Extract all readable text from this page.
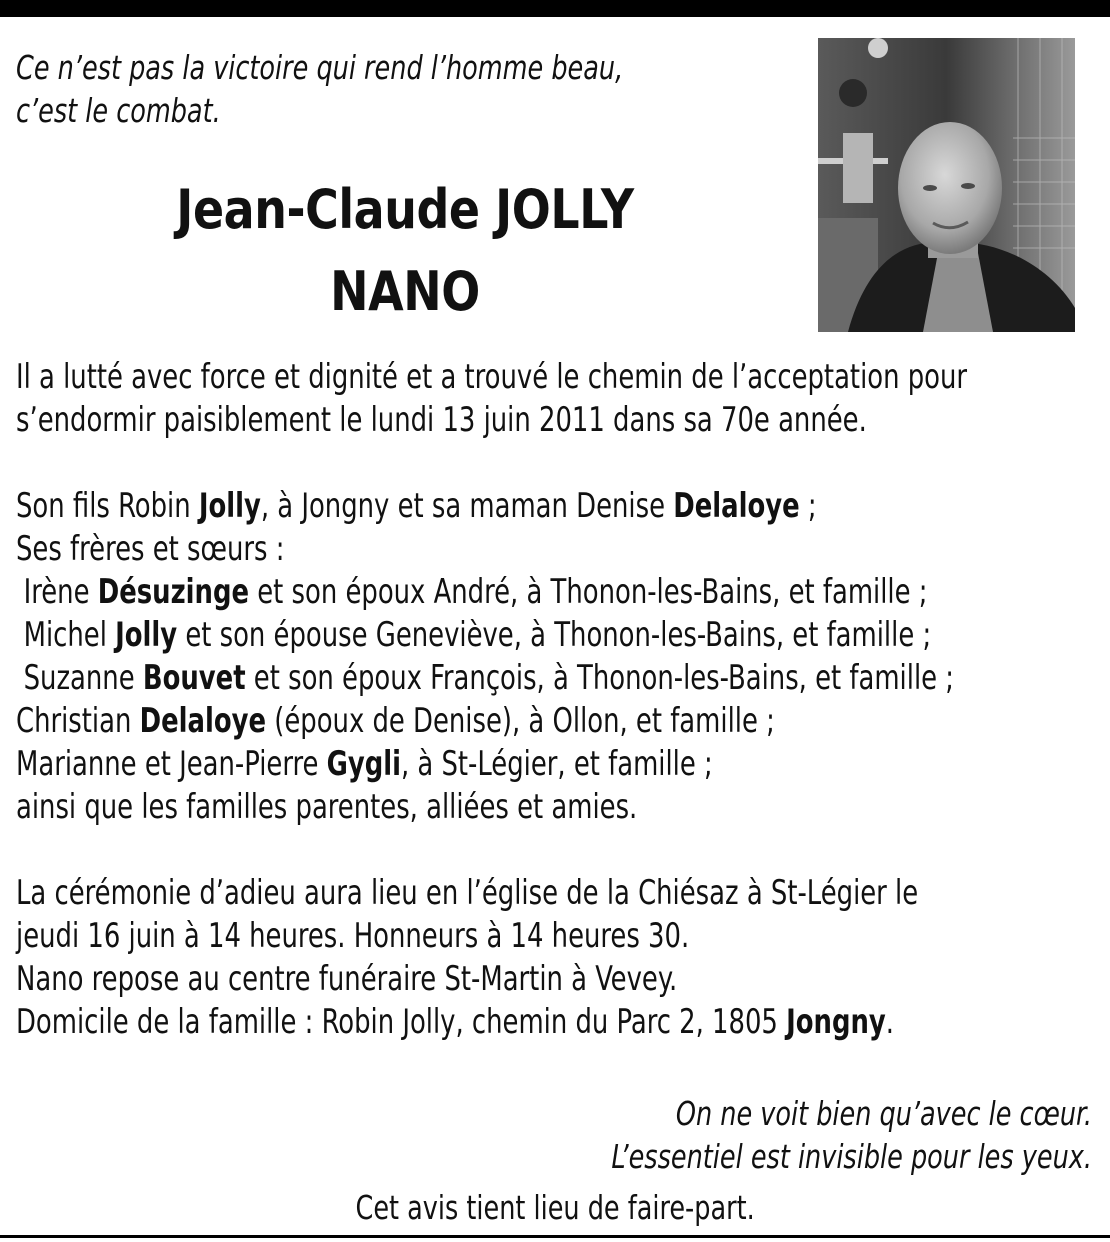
Ce n’est pas la victoire qui rend l’homme beau,
c’est le combat.
Jean-Claude JOLLY
NANO
Il a lutté avec force et dignité et a trouvé le chemin de l’acceptation pour
s’endormir paisiblement le lundi 13 juin 2011 dans sa 70e année.
Son fils Robin Jolly, à Jongny et sa maman Denise Delaloye ;
Ses frères et sœurs :
Irène Désuzinge et son époux André, à Thonon-les-Bains, et famille ;
Michel Jolly et son épouse Geneviève, à Thonon-les-Bains, et famille ;
Suzanne Bouvet et son époux François, à Thonon-les-Bains, et famille ;
Christian Delaloye (époux de Denise), à Ollon, et famille ;
Marianne et Jean-Pierre Gygli, à St-Légier, et famille ;
ainsi que les familles parentes, alliées et amies.
La cérémonie d’adieu aura lieu en l’église de la Chiésaz à St-Légier le
jeudi 16 juin à 14 heures. Honneurs à 14 heures 30.
Nano repose au centre funéraire St-Martin à Vevey.
Domicile de la famille : Robin Jolly, chemin du Parc 2, 1805 Jongny.
On ne voit bien qu’avec le cœur.
L’essentiel est invisible pour les yeux.
Cet avis tient lieu de faire-part.
